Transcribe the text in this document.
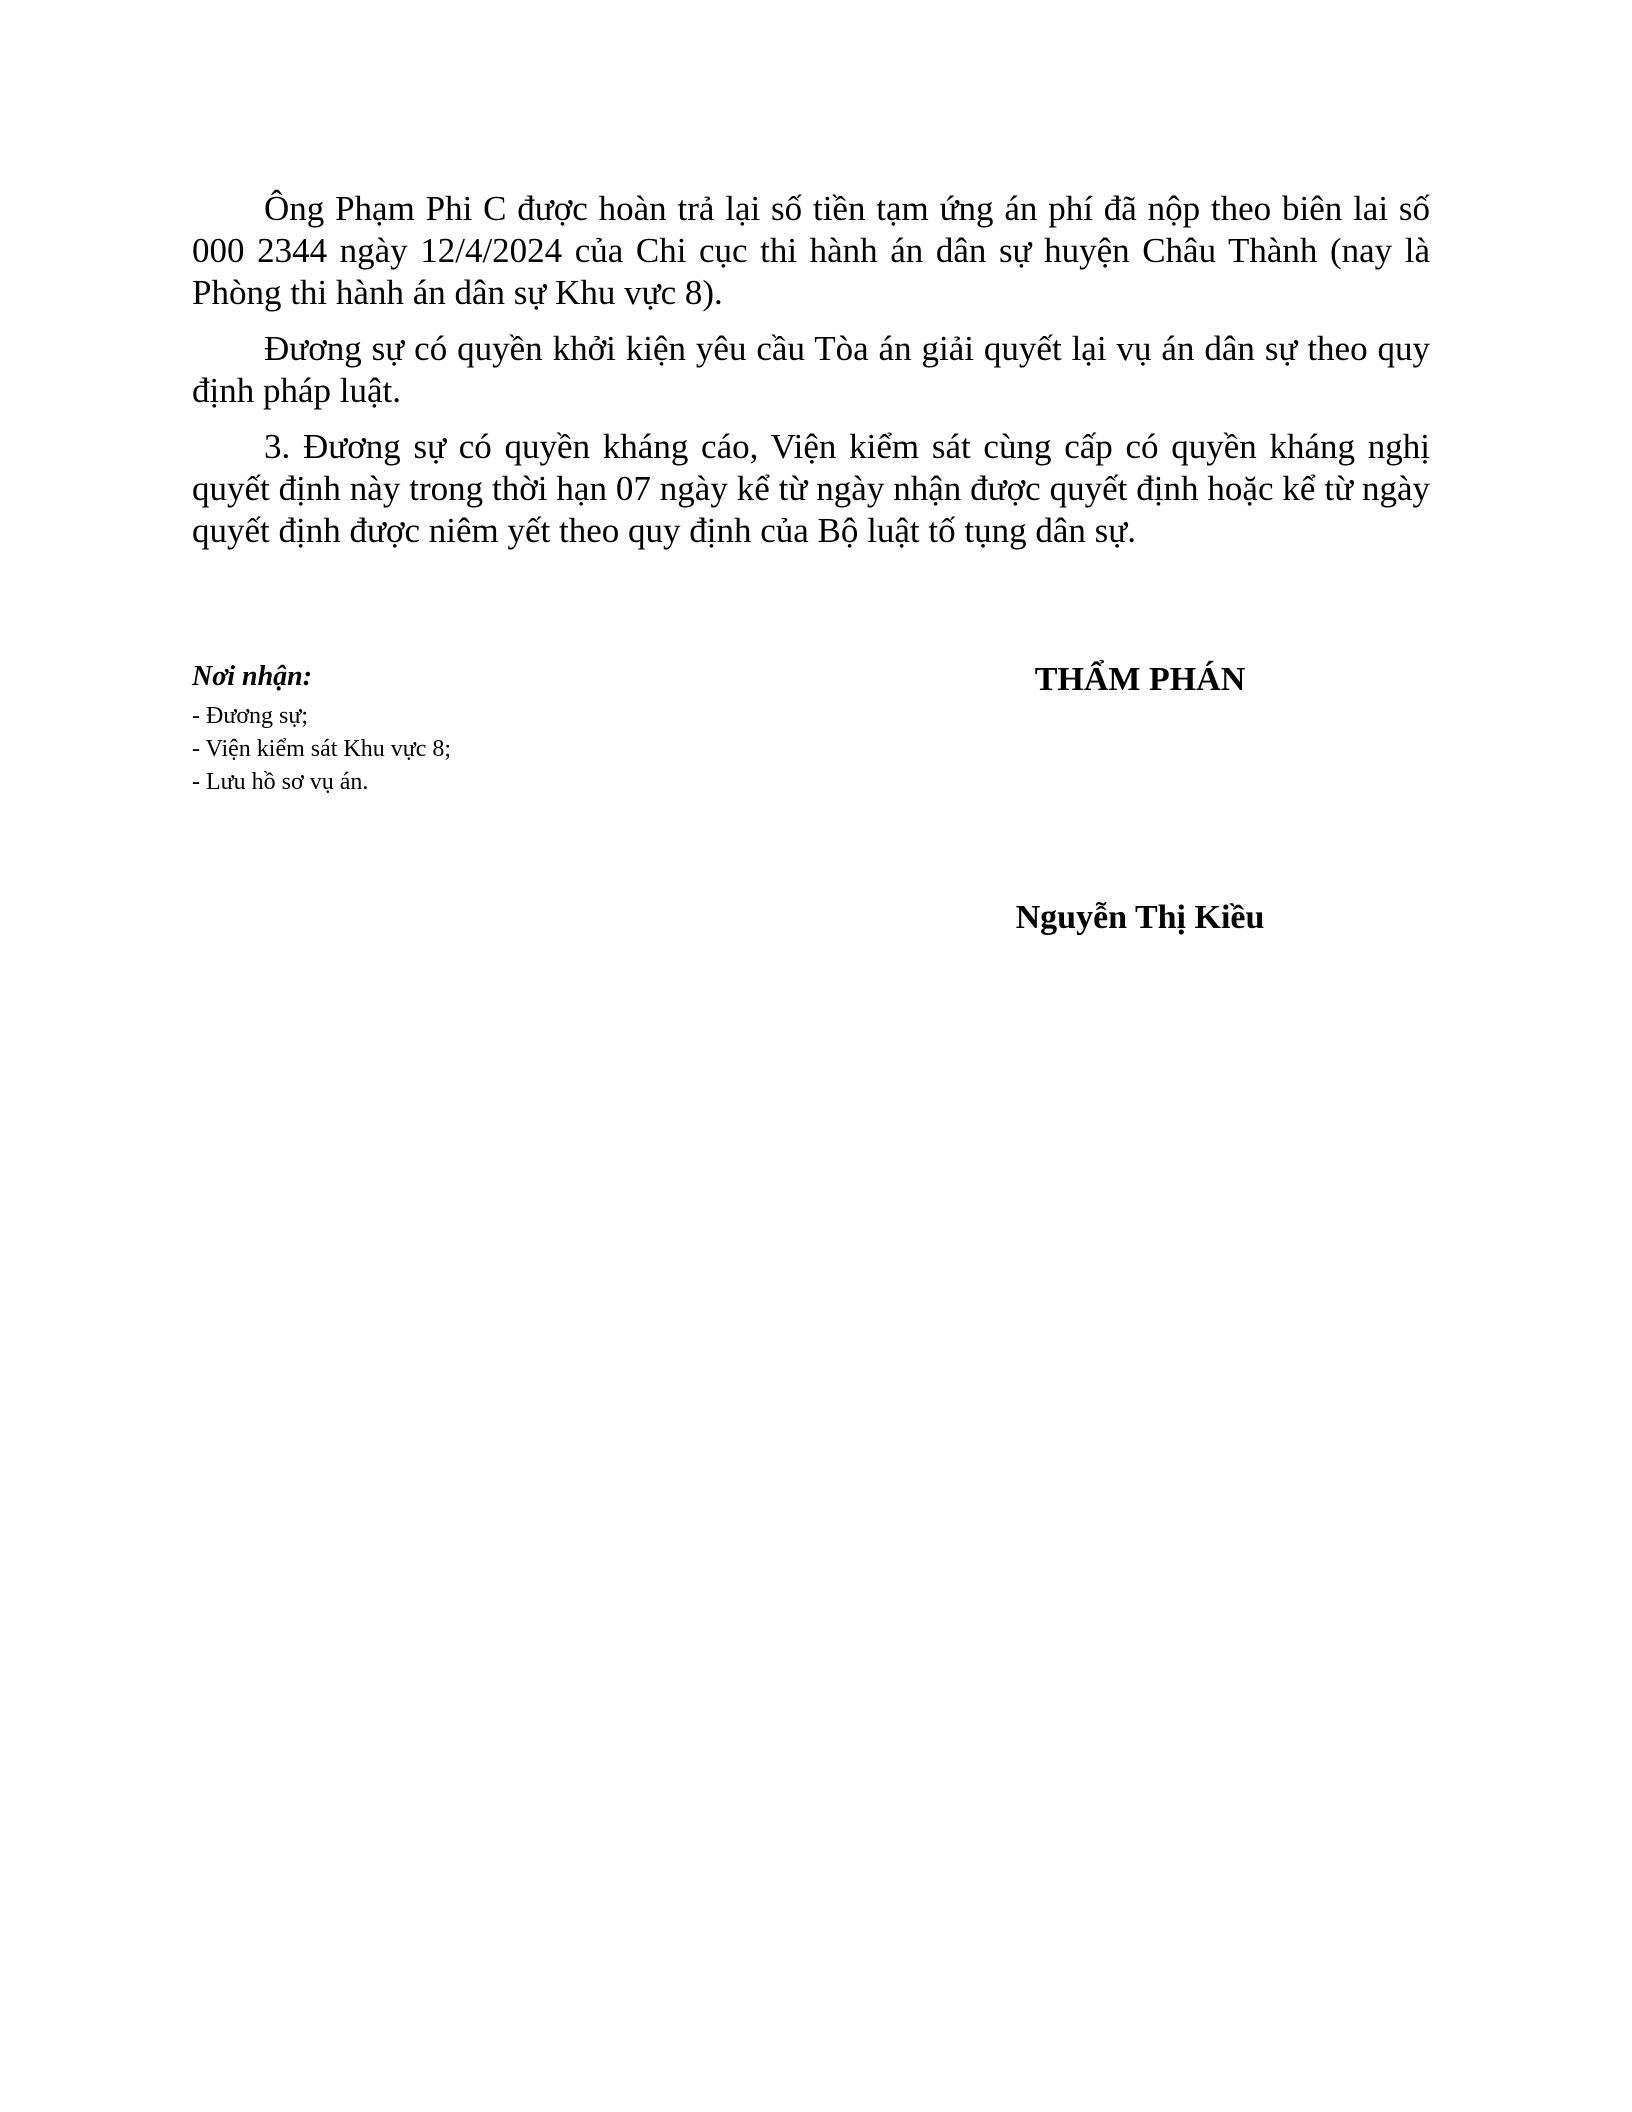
Ông Phạm Phi C được hoàn trả lại số tiền tạm ứng án phí đã nộp theo biên lai số 000 2344 ngày 12/4/2024 của Chi cục thi hành án dân sự huyện Châu Thành (nay là Phòng thi hành án dân sự Khu vực 8).

Đương sự có quyền khởi kiện yêu cầu Tòa án giải quyết lại vụ án dân sự theo quy định pháp luật.

3. Đương sự có quyền kháng cáo, Viện kiểm sát cùng cấp có quyền kháng nghị quyết định này trong thời hạn 07 ngày kể từ ngày nhận được quyết định hoặc kể từ ngày quyết định được niêm yết theo quy định của Bộ luật tố tụng dân sự.

Nơi nhận:
- Đương sự;
- Viện kiểm sát Khu vực 8;
- Lưu hồ sơ vụ án.
THẨM PHÁN
Nguyễn Thị Kiều
